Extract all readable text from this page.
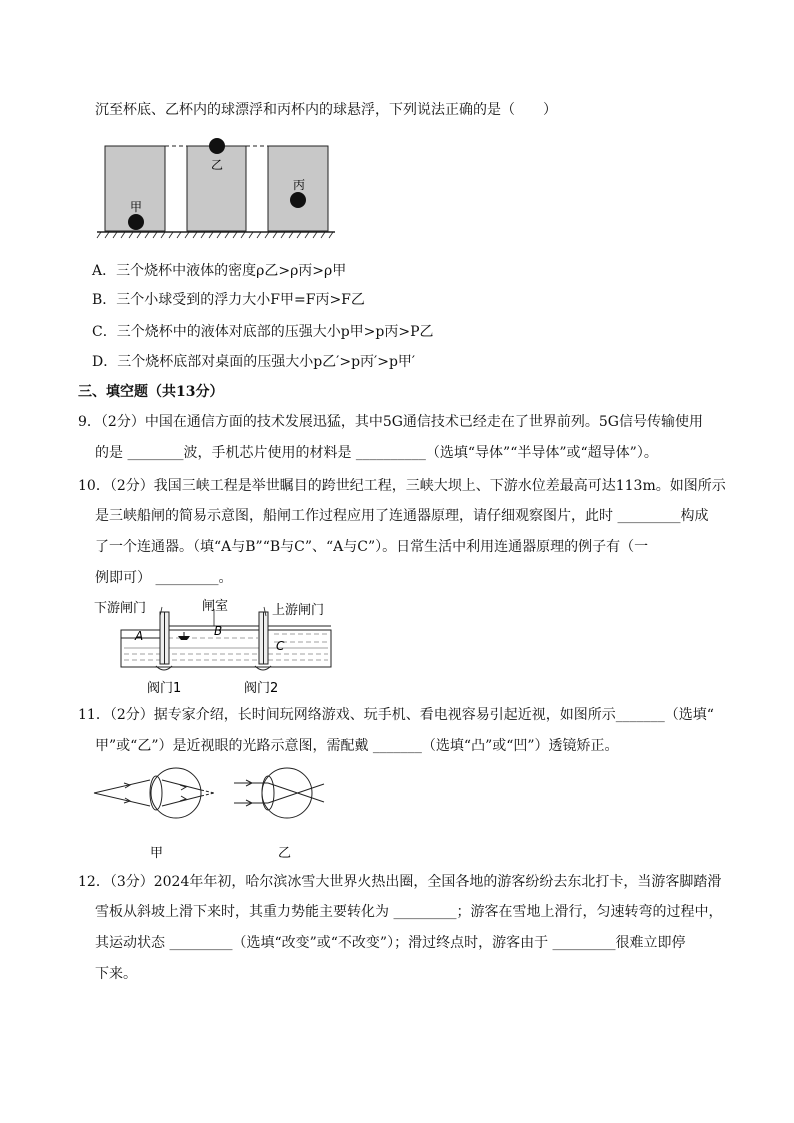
沉至杯底、乙杯内的球漂浮和丙杯内的球悬浮，下列说法正确的是（　　）
甲
乙
丙
A．三个烧杯中液体的密度ρ乙>ρ丙>ρ甲
B．三个小球受到的浮力大小F甲=F丙>F乙
C．三个烧杯中的液体对底部的压强大小p甲>p丙>P乙
D．三个烧杯底部对桌面的压强大小p乙′>p丙′>p甲′
三、填空题（共13分）
9．（2分）中国在通信方面的技术发展迅猛，其中5G通信技术已经走在了世界前列。5G信号传输使用
的是 ________波，手机芯片使用的材料是 __________（选填“导体”“半导体”或“超导体”）。
10．（2分）我国三峡工程是举世瞩目的跨世纪工程，三峡大坝上、下游水位差最高可达113m。如图所示
是三峡船闸的简易示意图，船闸工作过程应用了连通器原理，请仔细观察图片，此时 _________构成
了一个连通器。（填“A与B”“B与C”、“A与C”）。日常生活中利用连通器原理的例子有（一
例即可） _________。
下游闸门	闸室	上游闸门
A	B
C
阀门1	阀门2
11．（2分）据专家介绍，长时间玩网络游戏、玩手机、看电视容易引起近视，如图所示_______（选填“
甲”或“乙”）是近视眼的光路示意图，需配戴 _______（选填“凸”或“凹”）透镜矫正。
甲	乙
12．（3分）2024年年初，哈尔滨冰雪大世界火热出圈，全国各地的游客纷纷去东北打卡，当游客脚踏滑
雪板从斜坡上滑下来时，其重力势能主要转化为 _________；游客在雪地上滑行，匀速转弯的过程中，
其运动状态 _________（选填“改变”或“不改变”）；滑过终点时，游客由于 _________很难立即停
下来。
